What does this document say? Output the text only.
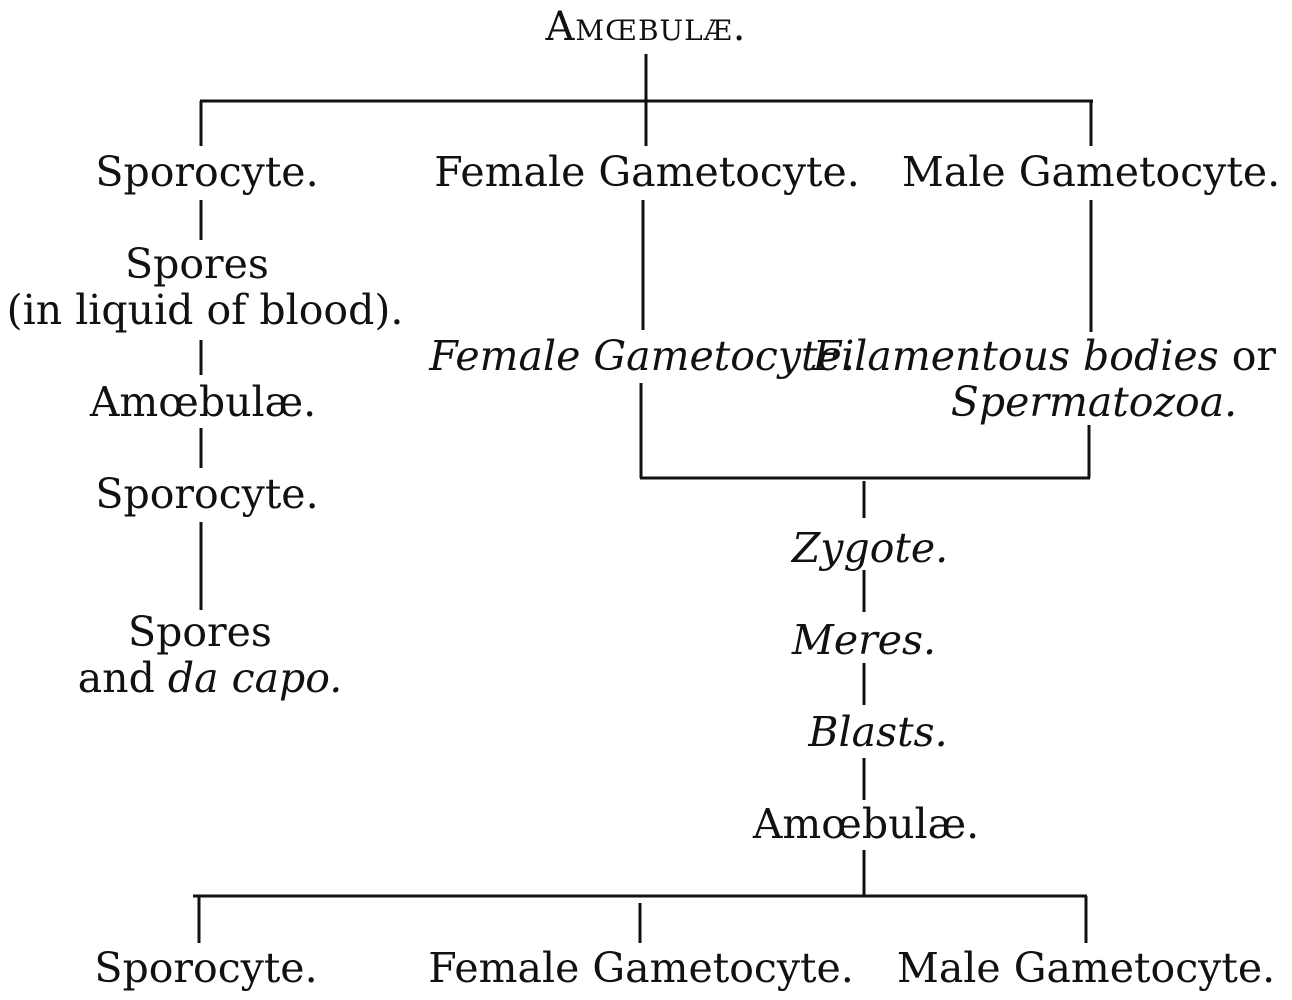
Amœbulæ.
Sporocyte.	Female Gametocyte. Male Gametocyte.
Spores
(in liquid of blood).
Amœbulæ.
Sporocyte.
Spores
and da capo.
Female Gametocyte.
Filamentous bodies or
Spermatozoa.
Zygote.
Meres.
Blasts.
Amœbulæ.
Sporocyte.	Female Gametocyte. Male Gametocyte.
